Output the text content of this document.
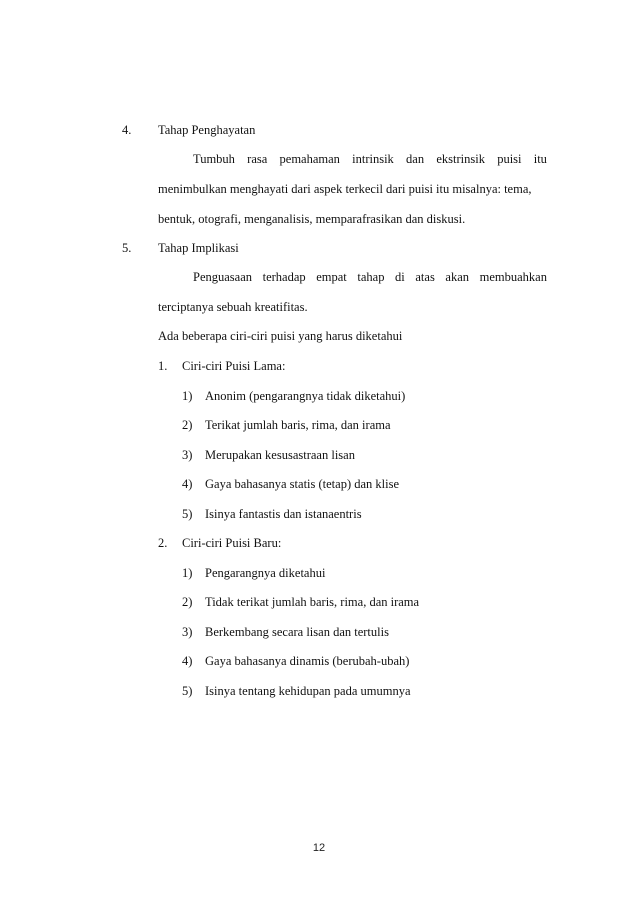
4. Tahap Penghayatan
Tumbuh rasa pemahaman intrinsik dan ekstrinsik puisi itu
menimbulkan menghayati dari aspek terkecil dari puisi itu misalnya: tema,
bentuk, otografi, menganalisis, memparafrasikan dan diskusi.
5. Tahap Implikasi
Penguasaan terhadap empat tahap di atas akan membuahkan
terciptanya sebuah kreatifitas.
Ada beberapa ciri-ciri puisi yang harus diketahui
1. Ciri-ciri Puisi Lama:
1) Anonim (pengarangnya tidak diketahui)
2) Terikat jumlah baris, rima, dan irama
3) Merupakan kesusastraan lisan
4) Gaya bahasanya statis (tetap) dan klise
5) Isinya fantastis dan istanaentris
2. Ciri-ciri Puisi Baru:
1) Pengarangnya diketahui
2) Tidak terikat jumlah baris, rima, dan irama
3) Berkembang secara lisan dan tertulis
4) Gaya bahasanya dinamis (berubah-ubah)
5) Isinya tentang kehidupan pada umumnya
12
